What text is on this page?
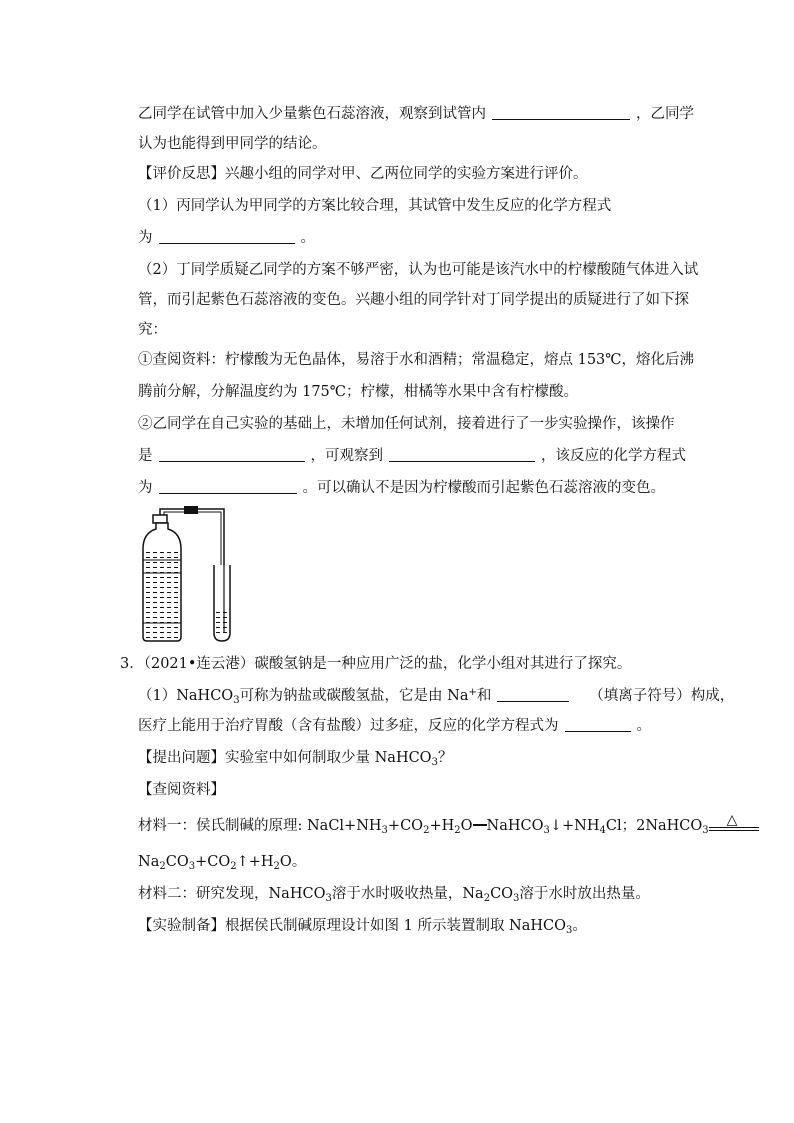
乙同学在试管中加入少量紫色石蕊溶液，观察到试管内	，乙同学
认为也能得到甲同学的结论。
【评价反思】兴趣小组的同学对甲、乙两位同学的实验方案进行评价。
（1）丙同学认为甲同学的方案比较合理，其试管中发生反应的化学方程式
为	。
（2）丁同学质疑乙同学的方案不够严密，认为也可能是该汽水中的柠檬酸随气体进入试
管，而引起紫色石蕊溶液的变色。兴趣小组的同学针对丁同学提出的质疑进行了如下探
究：
①查阅资料：柠檬酸为无色晶体，易溶于水和酒精；常温稳定，熔点 153℃，熔化后沸
腾前分解，分解温度约为 175℃；柠檬，柑橘等水果中含有柠檬酸。
②乙同学在自己实验的基础上，未增加任何试剂，接着进行了一步实验操作，该操作
是	，可观察到	，该反应的化学方程式
为	。可以确认不是因为柠檬酸而引起紫色石蕊溶液的变色。
3．（2021•连云港）碳酸氢钠是一种应用广泛的盐，化学小组对其进行了探究。
（1）NaHCO$_3$可称为钠盐或碳酸氢盐，它是由 Na+和	（填离子符号）构成，
医疗上能用于治疗胃酸（含有盐酸）过多症，反应的化学方程式为	。
【提出问题】实验室中如何制取少量 NaHCO$_3$？
【查阅资料】
材料一：侯氏制碱的原理: $NaCl+NH_3+CO_2+H_2O$ $NaHCO_3↓+NH_4Cl$；2NaHCO$_3$
△
$Na_2CO_3+CO_2↑+H_2O$。
材料二：研究发现，NaHCO$_3$溶于水时吸收热量，$Na_2CO_3$溶于水时放出热量。
【实验制备】根据侯氏制碱原理设计如图 1 所示装置制取 NaHCO$_3$。
